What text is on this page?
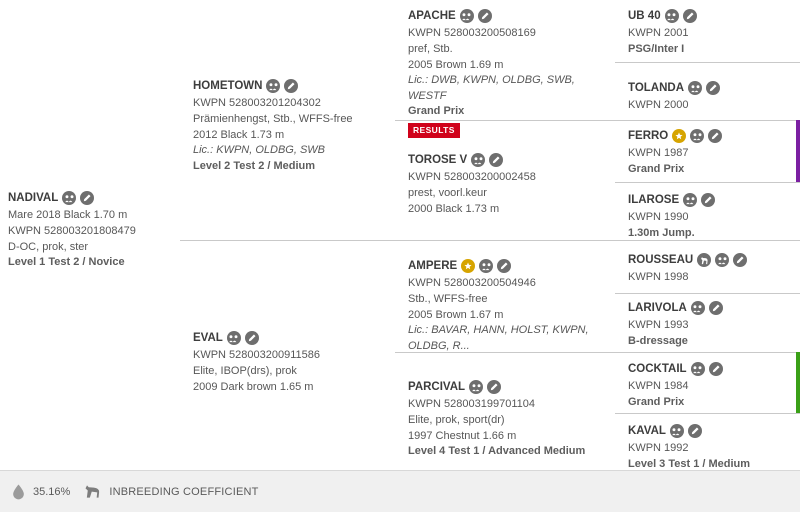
NADIVAL
Mare 2018 Black 1.70 m
KWPN 528003201808479
D-OC, prok, ster
Level 1 Test 2 / Novice
HOMETOWN
KWPN 528003201204302
Prämienhengst, Stb., WFFS-free
2012 Black 1.73 m
Lic.: KWPN, OLDBG, SWB
Level 2 Test 2 / Medium
EVAL
KWPN 528003200911586
Elite, IBOP(drs), prok
2009 Dark brown 1.65 m
APACHE
KWPN 528003200508169
pref, Stb.
2005 Brown 1.69 m
Lic.: DWB, KWPN, OLDBG, SWB, WESTF
Grand Prix
RESULTS
TOROSE V
KWPN 528003200002458
prest, voorl.keur
2000 Black 1.73 m
AMPERE
KWPN 528003200504946
Stb., WFFS-free
2005 Brown 1.67 m
Lic.: BAVAR, HANN, HOLST, KWPN, OLDBG, R...
PARCIVAL
KWPN 528003199701104
Elite, prok, sport(dr)
1997 Chestnut 1.66 m
Level 4 Test 1 / Advanced Medium
UB 40
KWPN 2001
PSG/Inter I
TOLANDA
KWPN 2000
FERRO
KWPN 1987
Grand Prix
ILAROSE
KWPN 1990
1.30m Jump.
ROUSSEAU
KWPN 1998
LARIVOLA
KWPN 1993
B-dressage
COCKTAIL
KWPN 1984
Grand Prix
KAVAL
KWPN 1992
Level 3 Test 1 / Medium
35.16%	INBREEDING COEFFICIENT
